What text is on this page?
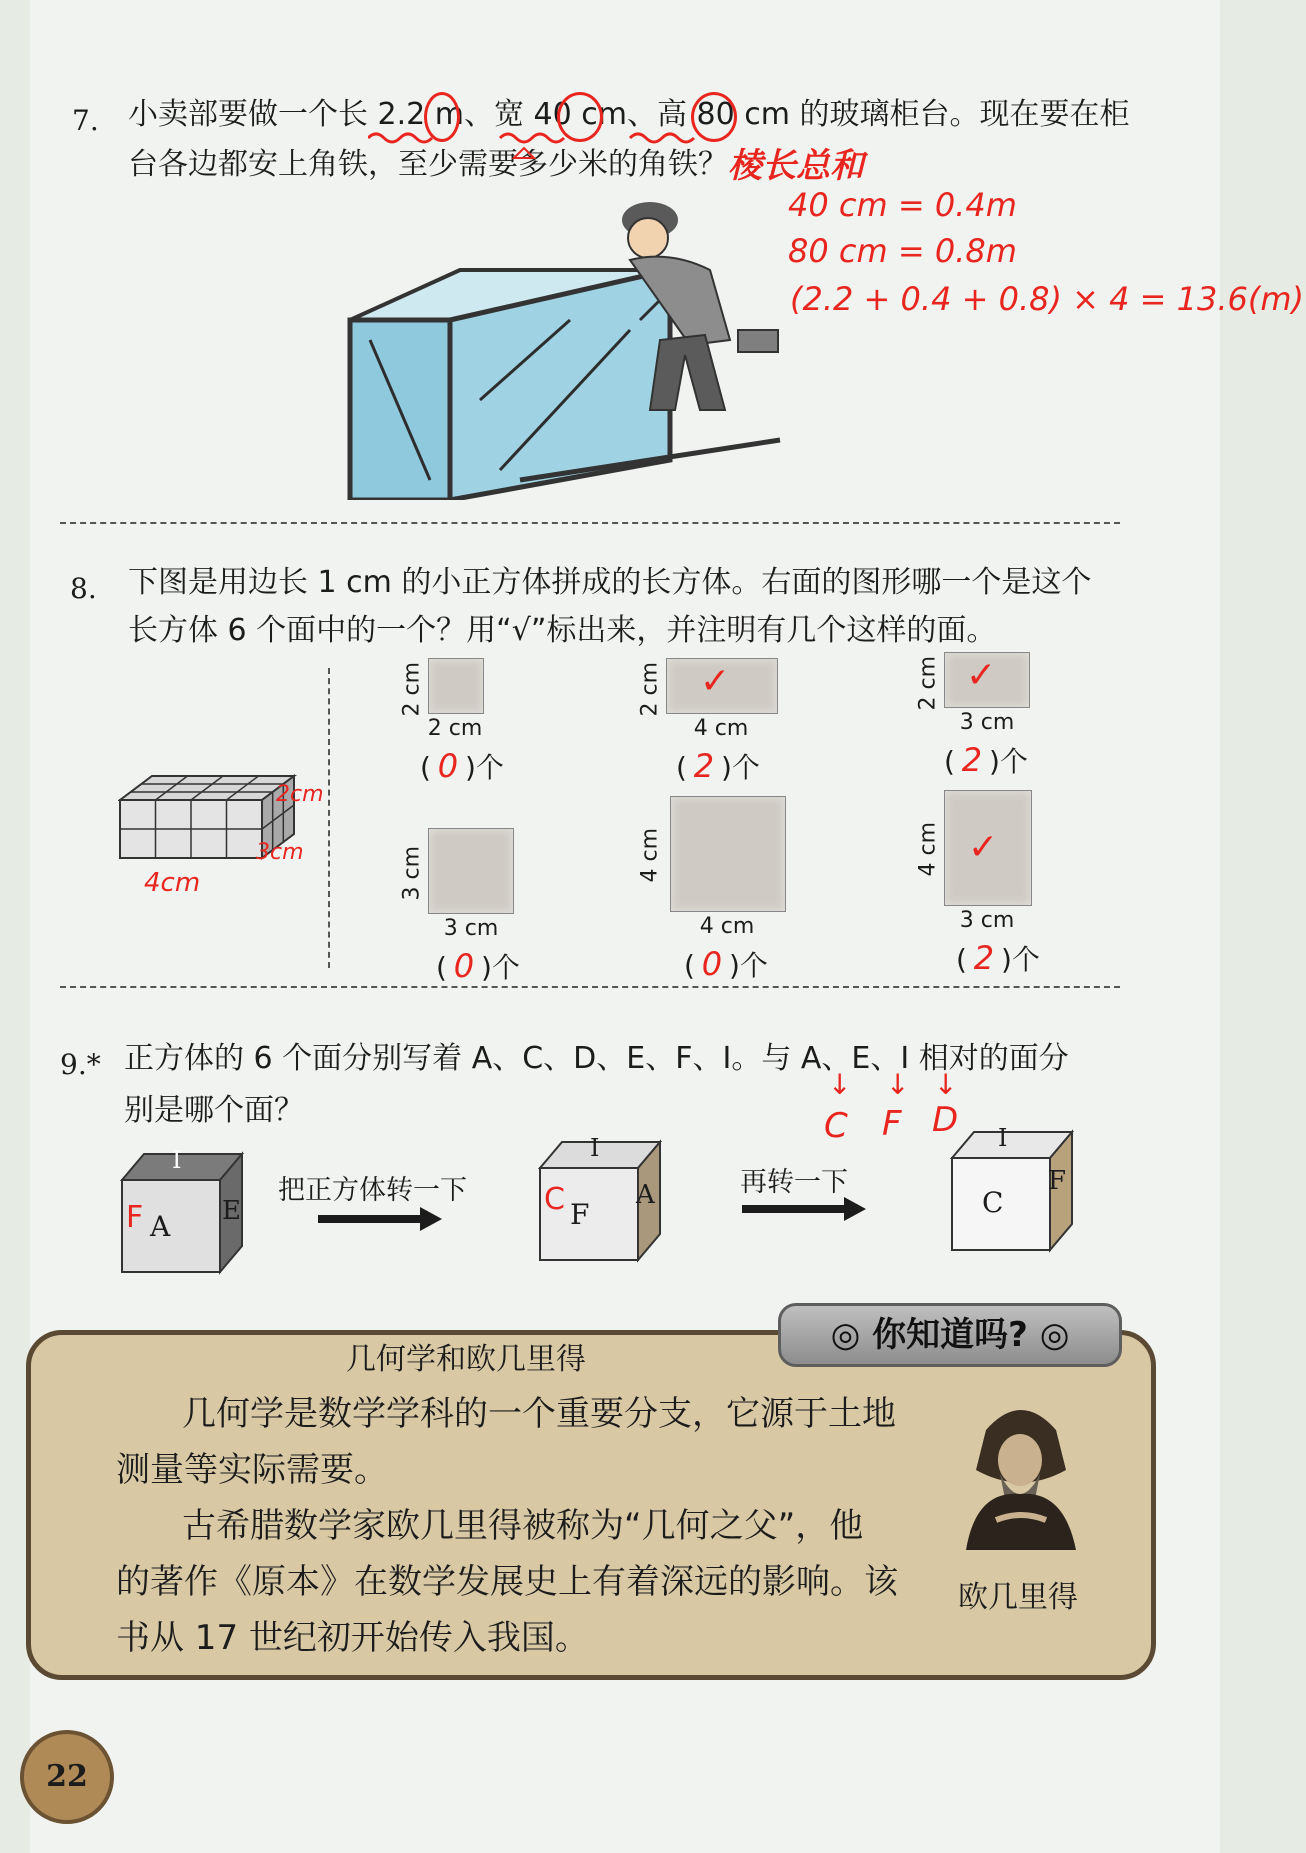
7. 小卖部要做一个长 2.2 m、宽 40 cm、高 80 cm 的玻璃柜台。现在要在柜
台各边都安上角铁，至少需要多少米的角铁？ 棱长总和
40 cm = 0.4m
80 cm = 0.8m
(2.2 + 0.4 + 0.8) × 4 = 13.6(m)
8. 下图是用边长 1 cm 的小正方体拼成的长方体。右面的图形哪一个是这个
长方体 6 个面中的一个？用“√”标出来，并注明有几个这样的面。
2cm
3cm
4cm
2 cm
2 cm
( 0 )个
✓
2 cm
4 cm
( 2 )个
✓
2 cm
3 cm
( 2 )个
3 cm
3 cm
( 0 )个
4 cm
4 cm
( 0 )个
✓
4 cm
3 cm
( 2 )个
9.* 正方体的 6 个面分别写着 A、C、D、E、F、I。与 A、E、I 相对的面分
别是哪个面？
↓ ↓ ↓
C F D
I
A E
F
把正方体转一下
I
F
A
C	再转一下
I
C
F
◎ 你知道吗? ◎
几何学和欧几里得
几何学是数学学科的一个重要分支，它源于土地
测量等实际需要。
古希腊数学家欧几里得被称为“几何之父”，他
的著作《原本》在数学发展史上有着深远的影响。该
书从 17 世纪初开始传入我国。
欧几里得
22
